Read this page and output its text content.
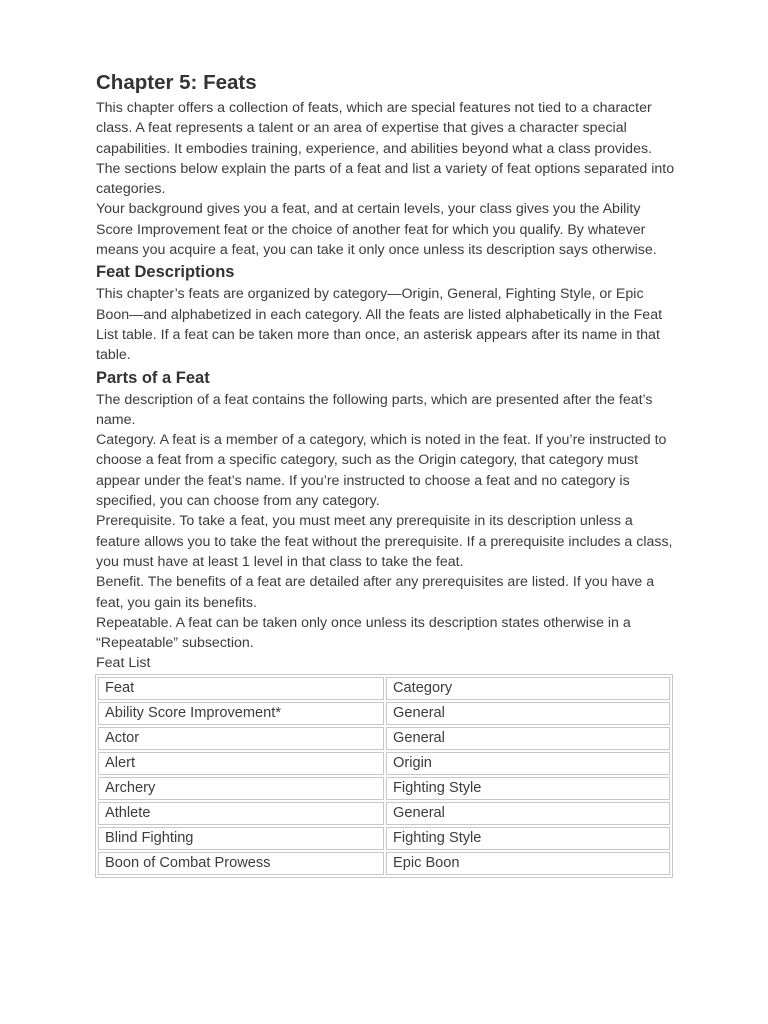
Chapter 5: Feats

This chapter offers a collection of feats, which are special features not tied to a character class. A feat represents a talent or an area of expertise that gives a character special capabilities. It embodies training, experience, and abilities beyond what a class provides.

The sections below explain the parts of a feat and list a variety of feat options separated into categories.

Your background gives you a feat, and at certain levels, your class gives you the Ability Score Improvement feat or the choice of another feat for which you qualify. By whatever means you acquire a feat, you can take it only once unless its description says otherwise.

Feat Descriptions

This chapter’s feats are organized by category—Origin, General, Fighting Style, or Epic Boon—and alphabetized in each category. All the feats are listed alphabetically in the Feat List table. If a feat can be taken more than once, an asterisk appears after its name in that table.

Parts of a Feat

The description of a feat contains the following parts, which are presented after the feat’s name.

Category. A feat is a member of a category, which is noted in the feat. If you’re instructed to choose a feat from a specific category, such as the Origin category, that category must appear under the feat’s name. If you’re instructed to choose a feat and no category is specified, you can choose from any category.

Prerequisite. To take a feat, you must meet any prerequisite in its description unless a feature allows you to take the feat without the prerequisite. If a prerequisite includes a class, you must have at least 1 level in that class to take the feat.

Benefit. The benefits of a feat are detailed after any prerequisites are listed. If you have a feat, you gain its benefits.

Repeatable. A feat can be taken only once unless its description states otherwise in a “Repeatable” subsection.

Feat List
Feat	Category
Ability Score Improvement*	General
Actor	General
Alert	Origin
Archery	Fighting Style
Athlete	General
Blind Fighting	Fighting Style
Boon of Combat Prowess	Epic Boon
